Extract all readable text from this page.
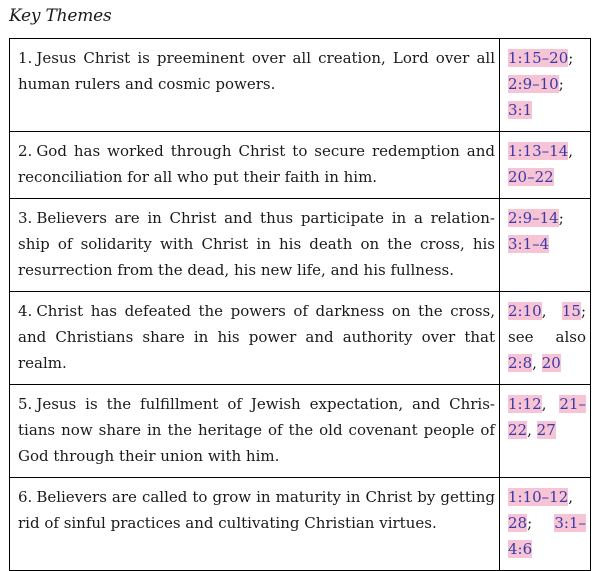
Key Themes
1. Jesus Christ is preeminent over all creation, Lord over all human rulers and cosmic powers.	1:15–20; 2:9–10; 3:1
2. God has worked through Christ to secure redemption and reconciliation for all who put their faith in him.	1:13–14, 20–22
3. Believers are in Christ and thus participate in a relation-ship of solidarity with Christ in his death on the cross, his resurrection from the dead, his new life, and his fullness.	2:9–14; 3:1–4
4. Christ has defeated the powers of darkness on the cross, and Christians share in his power and authority over that realm.	2:10, 15; see also 2:8, 20
5. Jesus is the fulfillment of Jewish expectation, and Chris-tians now share in the heritage of the old covenant people of God through their union with him.	1:12, 21–22, 27
6. Believers are called to grow in maturity in Christ by getting rid of sinful practices and cultivating Christian virtues.	1:10–12, 28; 3:1–4:6
